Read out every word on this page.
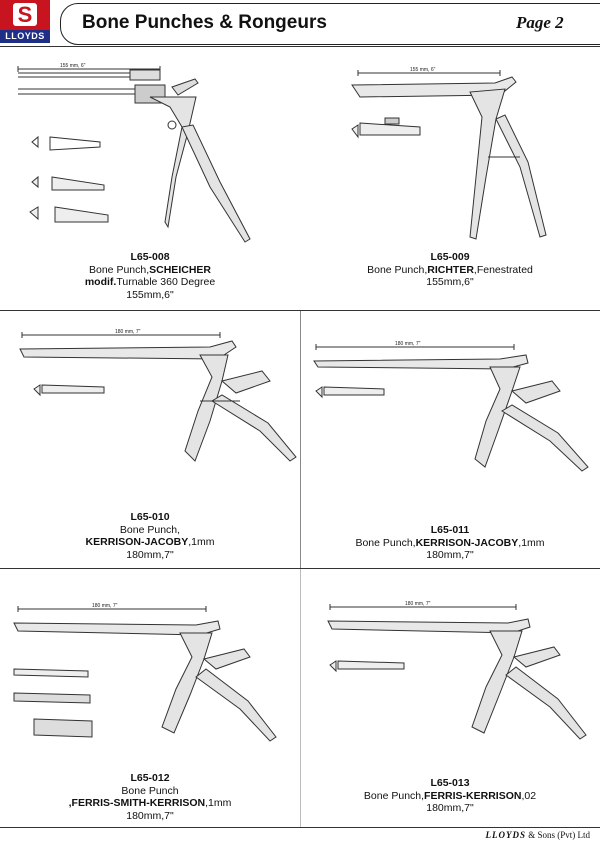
S
LLOYDS
Bone Punches & Rongeurs	Page 2
155 mm, 6"
L65-008
Bone Punch,SCHEICHER
modif.Turnable 360 Degree
155mm,6"
155 mm, 6"
L65-009
Bone Punch,RICHTER,Fenestrated
155mm,6"
180 mm, 7"
L65-010
Bone Punch,
KERRISON-JACOBY,1mm
180mm,7"
180 mm, 7"
L65-011
Bone Punch,KERRISON-JACOBY,1mm
180mm,7"
180 mm, 7"
L65-012
Bone Punch
,FERRIS-SMITH-KERRISON,1mm
180mm,7"
180 mm, 7"
L65-013
Bone Punch,FERRIS-KERRISON,02
180mm,7"
LLOYDS & Sons (Pvt) Ltd
